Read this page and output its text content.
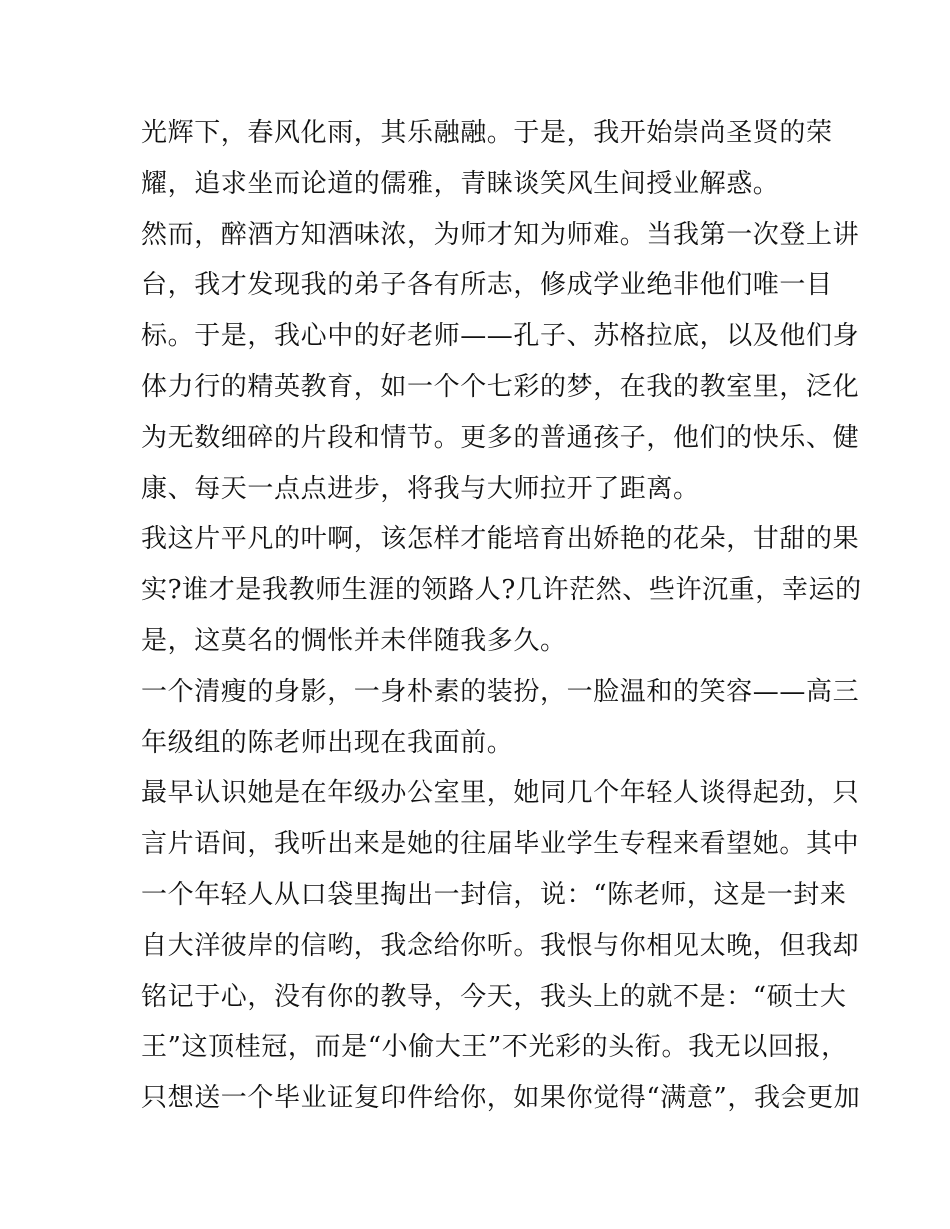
光辉下，春风化雨，其乐融融。于是，我开始崇尚圣贤的荣
耀，追求坐而论道的儒雅，青睐谈笑风生间授业解惑。
然而，醉酒方知酒味浓，为师才知为师难。当我第一次登上讲
台，我才发现我的弟子各有所志，修成学业绝非他们唯一目
标。于是，我心中的好老师——孔子、苏格拉底，以及他们身
体力行的精英教育，如一个个七彩的梦，在我的教室里，泛化
为无数细碎的片段和情节。更多的普通孩子，他们的快乐、健
康、每天一点点进步，将我与大师拉开了距离。
我这片平凡的叶啊，该怎样才能培育出娇艳的花朵，甘甜的果
实?谁才是我教师生涯的领路人?几许茫然、些许沉重，幸运的
是，这莫名的惆怅并未伴随我多久。
一个清瘦的身影，一身朴素的装扮，一脸温和的笑容——高三
年级组的陈老师出现在我面前。
最早认识她是在年级办公室里，她同几个年轻人谈得起劲，只
言片语间，我听出来是她的往届毕业学生专程来看望她。其中
一个年轻人从口袋里掏出一封信，说：“陈老师，这是一封来
自大洋彼岸的信哟，我念给你听。我恨与你相见太晚，但我却
铭记于心，没有你的教导，今天，我头上的就不是：“硕士大
王”这顶桂冠，而是“小偷大王”不光彩的头衔。我无以回报，
只想送一个毕业证复印件给你，如果你觉得“满意”，我会更加
